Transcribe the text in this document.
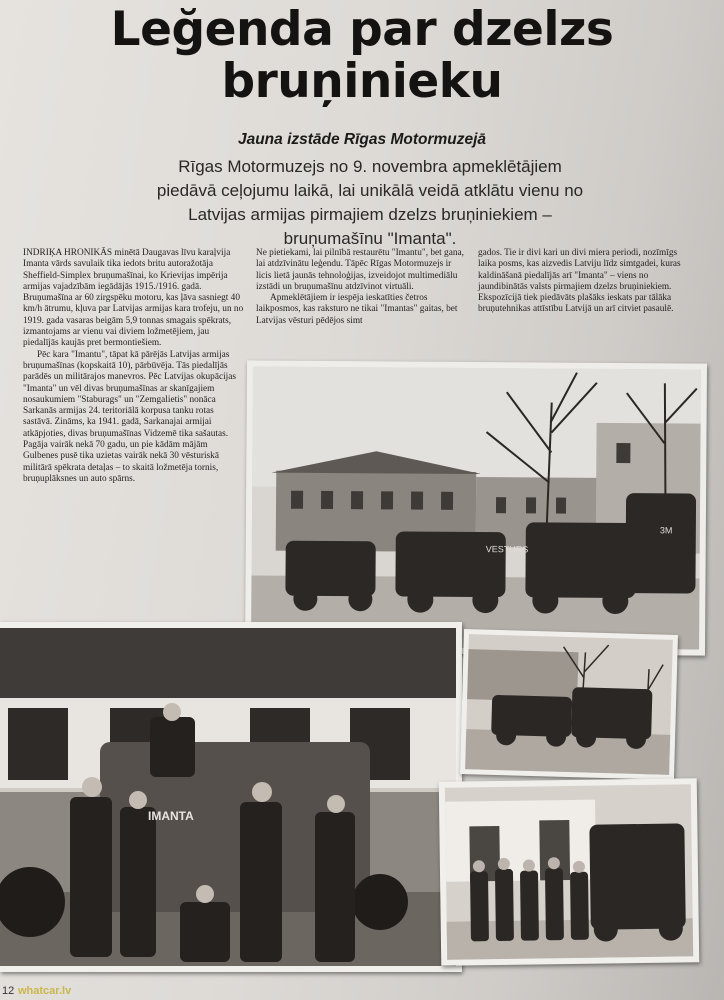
Leğenda par dzelzs
bruņinieku
Jauna izstāde Rīgas Motormuzejā
Rīgas Motormuzejs no 9. novembra apmeklētājiem piedāvā ceļojumu laikā, lai unikālā veidā atklātu vienu no Latvijas armijas pirmajiem dzelzs bruņiniekiem – bruņumašīnu "Imanta".

INDRIĶA HRONIKĀS minētā Daugavas līvu karaļvija Imanta vārds savulaik tika iedots britu autoražotāja Sheffield-Simplex bruņumašīnai, ko Krievijas impērija armijas vajadzībām iegādājās 1915./1916. gadā. Bruņumašīna ar 60 zirgspēku motoru, kas ļāva sasniegt 40 km/h ātrumu, kļuva par Latvijas armijas kara trofeju, un no 1919. gada vasaras beigām 5,9 tonnas smagais spēkrats, izmantojams ar vienu vai diviem ložmetējiem, jau piedalījās kaujās pret bermontiešiem.

Pēc kara "Imantu", tāpat kā pārējās Latvijas armijas bruņumašīnas (kopskaitā 10), pārbūvēja. Tās piedalījās parādēs un militārajos manevros. Pēc Latvijas okupācijas "Imanta" un vēl divas bruņumašīnas ar skanīgajiem nosaukumiem "Staburags" un "Zemgalietis" nonāca Sarkanās armijas 24. teritoriālā korpusa tanku rotas sastāvā. Zināms, ka 1941. gadā, Sarkanajai armijai atkāpjoties, divas bruņumašīnas Vidzemē tika sašautas. Pagāja vairāk nekā 70 gadu, un pie kādām mājām Gulbenes pusē tika uzietas vairāk nekā 30 vēsturiskā militārā spēkrata detaļas – to skaitā ložmetēja tornis, bruņuplāksnes un auto spārns.

Ne pietiekami, lai pilnībā restaurētu "Imantu", bet gana, lai atdzīvinātu leģendu. Tāpēc Rīgas Motormuzejs ir licis lietā jaunās tehnoloģijas, izveidojot multimediālu izstādi un bruņumašīnu atdzīvinot virtuāli.

Apmeklētājiem ir iespēja ieskatīties četros laikposmos, kas raksturo ne tikai "Imantas" gaitas, bet Latvijas vēsturi pēdējos simt

gados. Tie ir divi kari un divi miera periodi, nozīmīgs laika posms, kas aizvedis Latviju līdz simtgadei, kuras kaldināšanā piedalījās arī "Imanta" – viens no jaundibinātās valsts pirmajiem dzelzs bruņiniekiem. Ekspozīcijā tiek piedāvāts plašāks ieskats par tālāka bruņutehnikas attīstību Latvijā un arī citviet pasaulē.

VESTURS
3M
IMANTA
12 whatcar.lv
